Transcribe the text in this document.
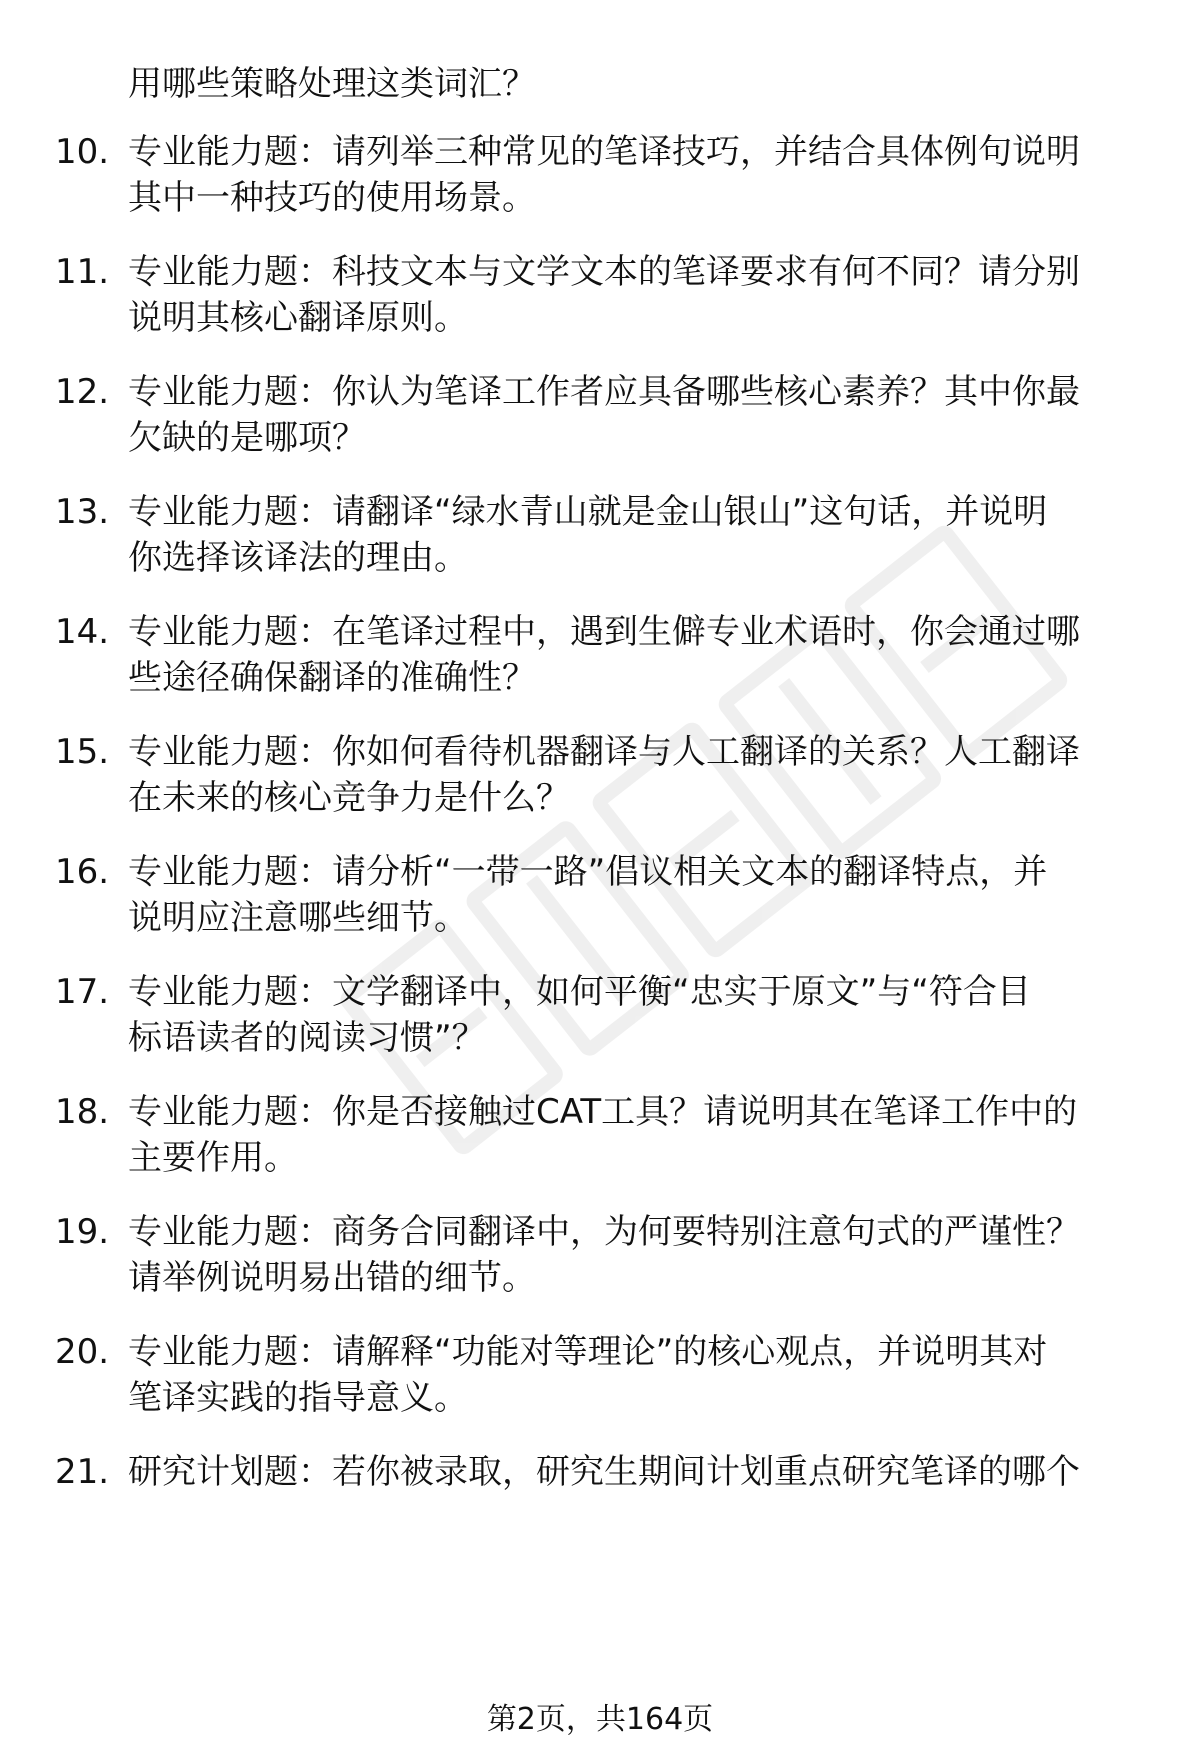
用哪些策略处理这类词汇？
10. 专业能力题：请列举三种常见的笔译技巧，并结合具体例句说明
其中一种技巧的使用场景。
11. 专业能力题：科技文本与文学文本的笔译要求有何不同？请分别
说明其核心翻译原则。
12. 专业能力题：你认为笔译工作者应具备哪些核心素养？其中你最
欠缺的是哪项？
13. 专业能力题：请翻译“绿水青山就是金山银山”这句话，并说明
你选择该译法的理由。
14. 专业能力题：在笔译过程中，遇到生僻专业术语时，你会通过哪
些途径确保翻译的准确性？
15. 专业能力题：你如何看待机器翻译与人工翻译的关系？人工翻译
在未来的核心竞争力是什么？
16. 专业能力题：请分析“一带一路”倡议相关文本的翻译特点，并
说明应注意哪些细节。
17. 专业能力题：文学翻译中，如何平衡“忠实于原文”与“符合目
标语读者的阅读习惯”？
18. 专业能力题：你是否接触过CAT工具？请说明其在笔译工作中的
主要作用。
19. 专业能力题：商务合同翻译中，为何要特别注意句式的严谨性？
请举例说明易出错的细节。
20. 专业能力题：请解释“功能对等理论”的核心观点，并说明其对
笔译实践的指导意义。
21. 研究计划题：若你被录取，研究生期间计划重点研究笔译的哪个
第2页，共164页
